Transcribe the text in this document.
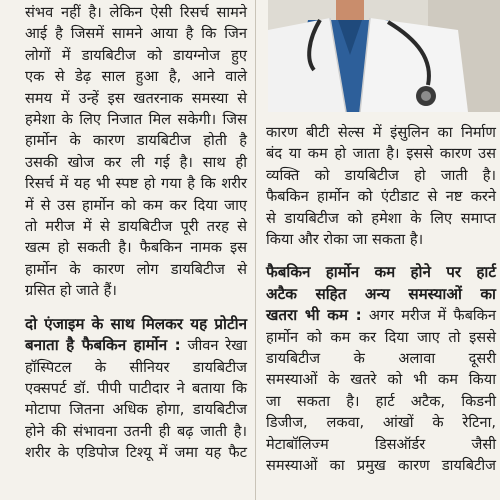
संभव नहीं है। लेकिन ऐसी रिसर्च सामने
आई है जिसमें सामने आया है कि जिन
लोगों में डायबिटीज को डायग्नोज हुए
एक से डेढ़ साल हुआ है, आने वाले
समय में उन्हें इस खतरनाक समस्या से
हमेशा के लिए निजात मिल सकेगी। जिस
हार्मोन के कारण डायबिटीज होती है
उसकी खोज कर ली गई है। साथ ही
रिसर्च में यह भी स्पष्ट हो गया है कि शरीर
में से उस हार्मोन को कम कर दिया जाए
तो मरीज में से डायबिटीज पूरी तरह से
खत्म हो सकती है। फैबकिन नामक इस
हार्मोन के कारण लोग डायबिटीज से
ग्रसित हो जाते हैं।
दो एंजाइम के साथ मिलकर यह प्रोटीन
बनाता है फैबकिन हार्मोन : जीवन रेखा
हॉस्पिटल के सीनियर डायबिटीज
एक्सपर्ट डॉ. पीपी पाटीदार ने बताया कि
मोटापा जितना अधिक होगा, डायबिटीज
होने की संभावना उतनी ही बढ़ जाती है।
शरीर के एडिपोज टिश्यू में जमा यह फैट
कारण बीटी सेल्स में इंसुलिन का निर्माण
बंद या कम हो जाता है। इससे कारण उस
व्यक्ति को डायबिटीज हो जाती है।
फैबकिन हार्मोन को एंटीडाट से नष्ट करने
से डायबिटीज को हमेशा के लिए समाप्त
किया और रोका जा सकता है।
फैबकिन हार्मोन कम होने पर हार्ट
अटैक सहित अन्य समस्याओं का
खतरा भी कम : अगर मरीज में फैबकिन
हार्मोन को कम कर दिया जाए तो इससे
डायबिटीज के अलावा दूसरी
समस्याओं के खतरे को भी कम किया
जा सकता है। हार्ट अटैक, किडनी
डिजीज, लकवा, आंखों के रेटिना,
मेटाबॉलिज्म डिसऑर्डर जैसी
समस्याओं का प्रमुख कारण डायबिटीज
